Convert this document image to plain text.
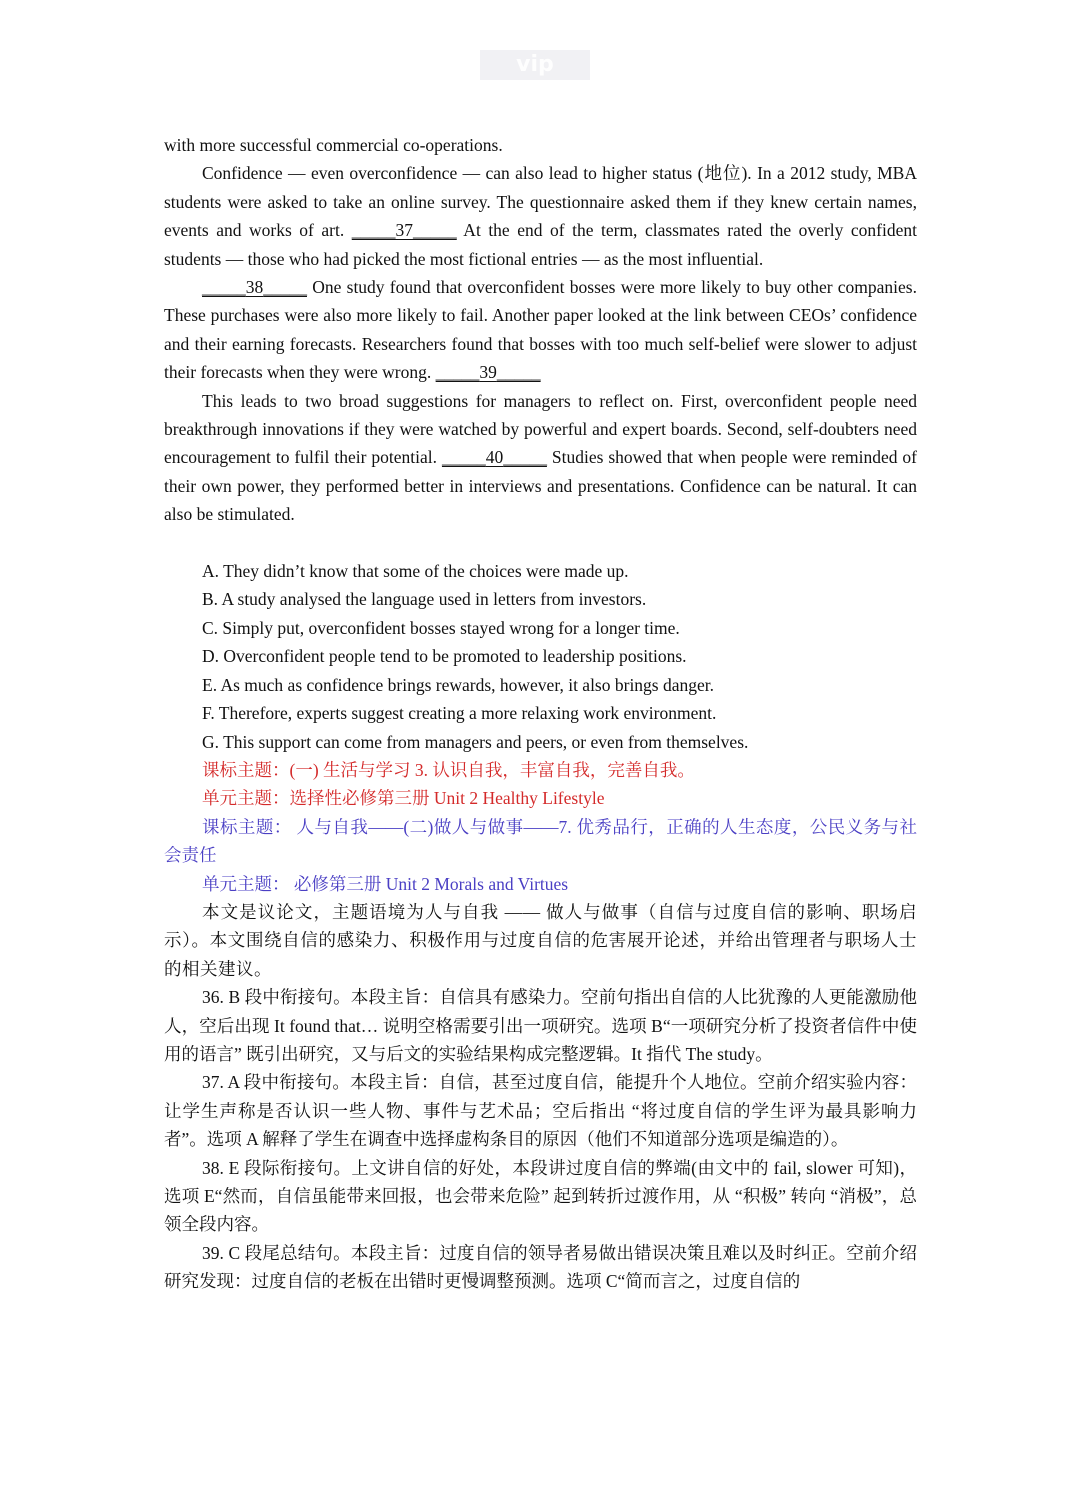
with more successful commercial co-operations.

Confidence — even overconfidence — can also lead to higher status (地位). In a 2012 study, MBA students were asked to take an online survey. The questionnaire asked them if they knew certain names, events and works of art. _____37_____ At the end of the term, classmates rated the overly confident students — those who had picked the most fictional entries — as the most influential.

_____38_____ One study found that overconfident bosses were more likely to buy other companies. These purchases were also more likely to fail. Another paper looked at the link between CEOs’ confidence and their earning forecasts. Researchers found that bosses with too much self-belief were slower to adjust their forecasts when they were wrong. _____39_____

This leads to two broad suggestions for managers to reflect on. First, overconfident people need breakthrough innovations if they were watched by powerful and expert boards. Second, self-doubters need encouragement to fulfil their potential. _____40_____ Studies showed that when people were reminded of their own power, they performed better in interviews and presentations. Confidence can be natural. It can also be stimulated.

A. They didn’t know that some of the choices were made up.

B. A study analysed the language used in letters from investors.

C. Simply put, overconfident bosses stayed wrong for a longer time.

D. Overconfident people tend to be promoted to leadership positions.

E. As much as confidence brings rewards, however, it also brings danger.

F. Therefore, experts suggest creating a more relaxing work environment.

G. This support can come from managers and peers, or even from themselves.

课标主题：(一) 生活与学习 3. 认识自我，丰富自我，完善自我。

单元主题：选择性必修第三册 Unit 2 Healthy Lifestyle

课标主题： 人与自我——(二)做人与做事——7. 优秀品行，正确的人生态度，公民义务与社会责任

单元主题： 必修第三册 Unit 2 Morals and Virtues

本文是议论文，主题语境为人与自我 —— 做人与做事（自信与过度自信的影响、职场启示）。本文围绕自信的感染力、积极作用与过度自信的危害展开论述，并给出管理者与职场人士的相关建议。

36. B 段中衔接句。本段主旨：自信具有感染力。空前句指出自信的人比犹豫的人更能激励他人，空后出现 It found that… 说明空格需要引出一项研究。选项 B“一项研究分析了投资者信件中使用的语言” 既引出研究，又与后文的实验结果构成完整逻辑。It 指代 The study。

37. A 段中衔接句。本段主旨：自信，甚至过度自信，能提升个人地位。空前介绍实验内容：让学生声称是否认识一些人物、事件与艺术品；空后指出 “将过度自信的学生评为最具影响力者”。选项 A 解释了学生在调查中选择虚构条目的原因（他们不知道部分选项是编造的）。

38. E 段际衔接句。上文讲自信的好处，本段讲过度自信的弊端(由文中的 fail, slower 可知)，选项 E“然而，自信虽能带来回报，也会带来危险” 起到转折过渡作用，从 “积极” 转向 “消极”，总领全段内容。

39. C 段尾总结句。本段主旨：过度自信的领导者易做出错误决策且难以及时纠正。空前介绍研究发现：过度自信的老板在出错时更慢调整预测。选项 C“简而言之，过度自信的

vip
